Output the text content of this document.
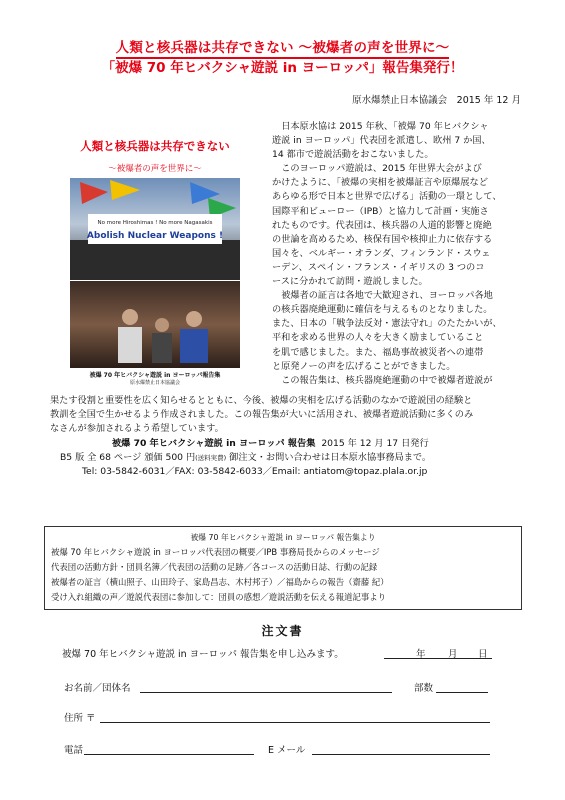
人類と核兵器は共存できない ～被爆者の声を世界に～
「被爆 70 年ヒバクシャ遊説 in ヨーロッパ」報告集発行！
原水爆禁止日本協議会　2015 年 12 月
人類と核兵器は共存できない
～被爆者の声を世界に～
No more Hiroshimas ! No more Nagasakis
Abolish Nuclear Weapons !
被爆 70 年ヒバクシャ遊説 in ヨーロッパ報告集
原水爆禁止日本協議会

日本原水協は 2015 年秋、「被爆 70 年ヒバクシャ

遊説 in ヨーロッパ」代表団を派遣し、欧州 7 か国、

14 都市で遊説活動をおこないました。

このヨーロッパ遊説は、2015 年世界大会がよび

かけたように、「被爆の実相を被爆証言や原爆展など

あらゆる形で日本と世界で広げる」活動の一環として、

国際平和ビューロー（IPB）と協力して計画・実施さ

れたものです。代表団は、核兵器の人道的影響と廃絶

の世論を高めるため、核保有国や核抑止力に依存する

国々を、ベルギー・オランダ、フィンランド・スウェ

ーデン、スペイン・フランス・イギリスの 3 つのコ

ースに分かれて訪問・遊説しました。

被爆者の証言は各地で大歓迎され、ヨーロッパ各地

の核兵器廃絶運動に確信を与えるものとなりました。

また、日本の「戦争法反対・憲法守れ」のたたかいが、

平和を求める世界の人々を大きく励ましていること

を肌で感じました。また、福島事故被災者への連帯

と原発ノーの声を広げることができました。

この報告集は、核兵器廃絶運動の中で被爆者遊説が

果たす役割と重要性を広く知らせるとともに、今後、被爆の実相を広げる活動のなかで遊説団の経験と

教訓を全国で生かせるよう作成されました。この報告集が大いに活用され、被爆者遊説活動に多くのみ

なさんが参加されるよう希望しています。

被爆 70 年ヒバクシャ遊説 in ヨーロッパ 報告集 2015 年 12 月 17 日発行
B5 版 全 68 ページ 頒価 500 円(送料実費) 御注文・お問い合わせは日本原水協事務局まで。
Tel: 03-5842-6031／FAX: 03-5842-6033／Email: antiatom@topaz.plala.or.jp
被爆 70 年ヒバクシャ遊説 in ヨーロッパ 報告集より
被爆 70 年ヒバクシャ遊説 in ヨーロッパ代表団の概要／IPB 事務局長からのメッセージ
代表団の活動方針・団員名簿／代表団の活動の足跡／各コースの活動日誌、行動の記録
被爆者の証言（横山照子、山田玲子、家島昌志、木村邦子）／福島からの報告（齋藤 紀）
受け入れ組織の声／遊説代表団に参加して：団員の感想／遊説活動を伝える報道記事より
注文書
被爆 70 年ヒバクシャ遊説 in ヨーロッパ 報告集を申し込みます。	年 月 日
お名前／団体名	部数
住所 〒
電話	E メール
